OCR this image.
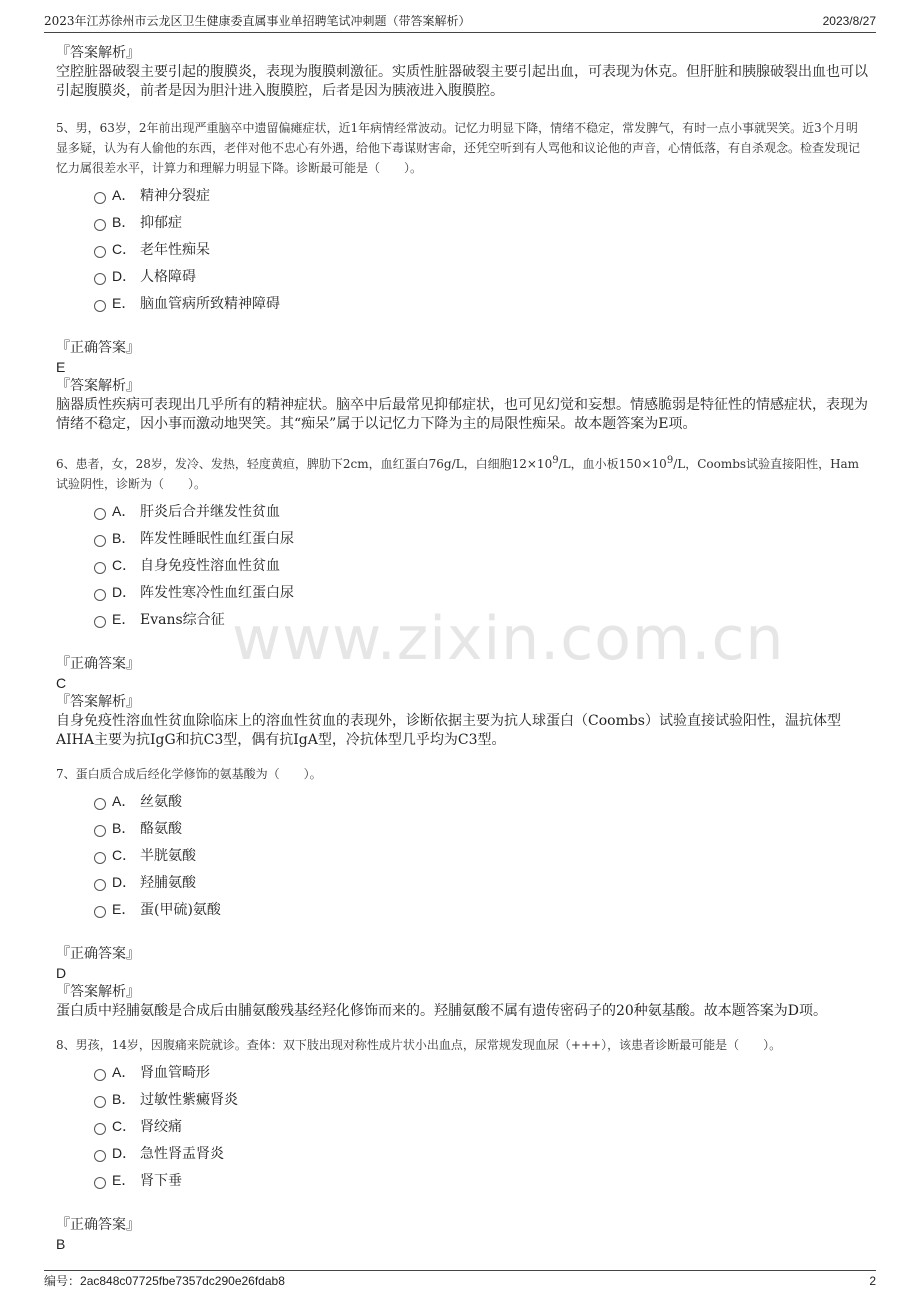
2023年江苏徐州市云龙区卫生健康委直属事业单招聘笔试冲刺题（带答案解析）	2023/8/27
www.zixin.com.cn

『答案解析』

空腔脏器破裂主要引起的腹膜炎，表现为腹膜刺激征。实质性脏器破裂主要引起出血，可表现为休克。但肝脏和胰腺破裂出血也可以引起腹膜炎，前者是因为胆汁进入腹膜腔，后者是因为胰液进入腹膜腔。

5、男，63岁，2年前出现严重脑卒中遗留偏瘫症状，近1年病情经常波动。记忆力明显下降，情绪不稳定，常发脾气，有时一点小事就哭笑。近3个月明显多疑，认为有人偷他的东西，老伴对他不忠心有外遇，给他下毒谋财害命，还凭空听到有人骂他和议论他的声音，心情低落，有自杀观念。检查发现记忆力属很差水平，计算力和理解力明显下降。诊断最可能是（　　）。

A． 精神分裂症
B． 抑郁症
C． 老年性痴呆
D． 人格障碍
E． 脑血管病所致精神障碍

『正确答案』

E

『答案解析』

脑器质性疾病可表现出几乎所有的精神症状。脑卒中后最常见抑郁症状，也可见幻觉和妄想。情感脆弱是特征性的情感症状，表现为情绪不稳定，因小事而激动地哭笑。其“痴呆”属于以记忆力下降为主的局限性痴呆。故本题答案为E项。

6、患者，女，28岁，发冷、发热，轻度黄疸，脾肋下2cm，血红蛋白76g/L，白细胞$12\times 10^9/L$，血小板$150\times 10^9/L$，Coombs试验直接阳性，Ham试验阴性，诊断为（　　）。

A． 肝炎后合并继发性贫血
B． 阵发性睡眠性血红蛋白尿
C． 自身免疫性溶血性贫血
D． 阵发性寒冷性血红蛋白尿
E． Evans综合征

『正确答案』

C

『答案解析』

自身免疫性溶血性贫血除临床上的溶血性贫血的表现外，诊断依据主要为抗人球蛋白（Coombs）试验直接试验阳性，温抗体型AIHA主要为抗IgG和抗C3型，偶有抗IgA型，冷抗体型几乎均为C3型。

7、蛋白质合成后经化学修饰的氨基酸为（　　）。

A． 丝氨酸
B． 酪氨酸
C． 半胱氨酸
D． 羟脯氨酸
E． 蛋(甲硫)氨酸

『正确答案』

D

『答案解析』

蛋白质中羟脯氨酸是合成后由脯氨酸残基经羟化修饰而来的。羟脯氨酸不属有遗传密码子的20种氨基酸。故本题答案为D项。

8、男孩，14岁，因腹痛来院就诊。查体：双下肢出现对称性成片状小出血点，尿常规发现血尿（+++），该患者诊断最可能是（　　）。

A． 肾血管畸形
B． 过敏性紫癜肾炎
C． 肾绞痛
D． 急性肾盂肾炎
E． 肾下垂

『正确答案』

B

编号：2ac848c07725fbe7357dc290e26fdab8	2
